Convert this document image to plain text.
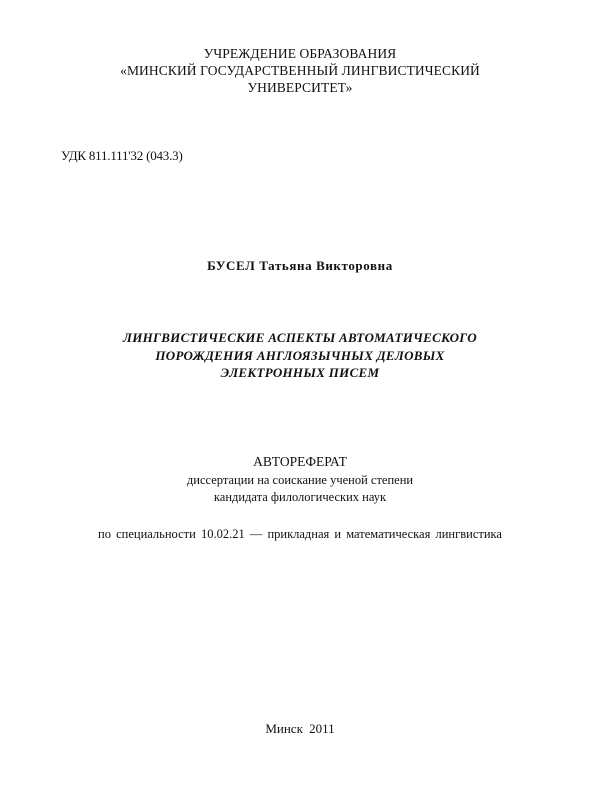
УЧРЕЖДЕНИЕ ОБРАЗОВАНИЯ
«МИНСКИЙ ГОСУДАРСТВЕННЫЙ ЛИНГВИСТИЧЕСКИЙ
УНИВЕРСИТЕТ»
УДК 811.111'32 (043.3)
БУСЕЛ Татьяна Викторовна
ЛИНГВИСТИЧЕСКИЕ АСПЕКТЫ АВТОМАТИЧЕСКОГО
ПОРОЖДЕНИЯ АНГЛОЯЗЫЧНЫХ ДЕЛОВЫХ
ЭЛЕКТРОННЫХ ПИСЕМ
АВТОРЕФЕРАТ
диссертации на соискание ученой степени
кандидата филологических наук
по специальности 10.02.21 — прикладная и математическая лингвистика
Минск 2011
